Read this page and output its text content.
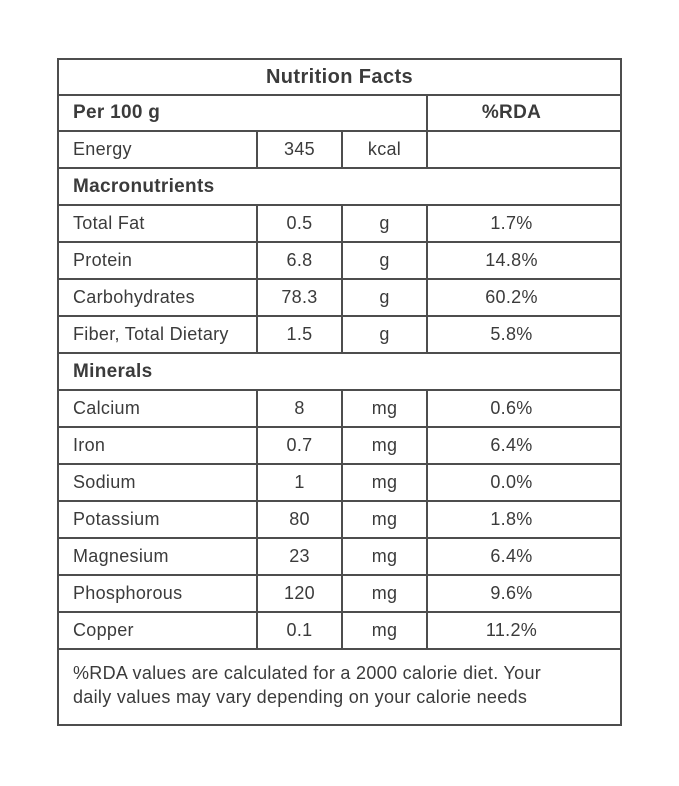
Nutrition Facts			
Per 100 g			%RDA
Energy	345	kcal	
Macronutrients			
Total Fat	0.5	g	1.7%
Protein	6.8	g	14.8%
Carbohydrates	78.3	g	60.2%
Fiber, Total Dietary	1.5	g	5.8%
Minerals			
Calcium	8	mg	0.6%
Iron	0.7	mg	6.4%
Sodium	1	mg	0.0%
Potassium	80	mg	1.8%
Magnesium	23	mg	6.4%
Phosphorous	120	mg	9.6%
Copper	0.1	mg	11.2%
%RDA values are calculated for a 2000 calorie diet. Your
daily values may vary depending on your calorie needs			
